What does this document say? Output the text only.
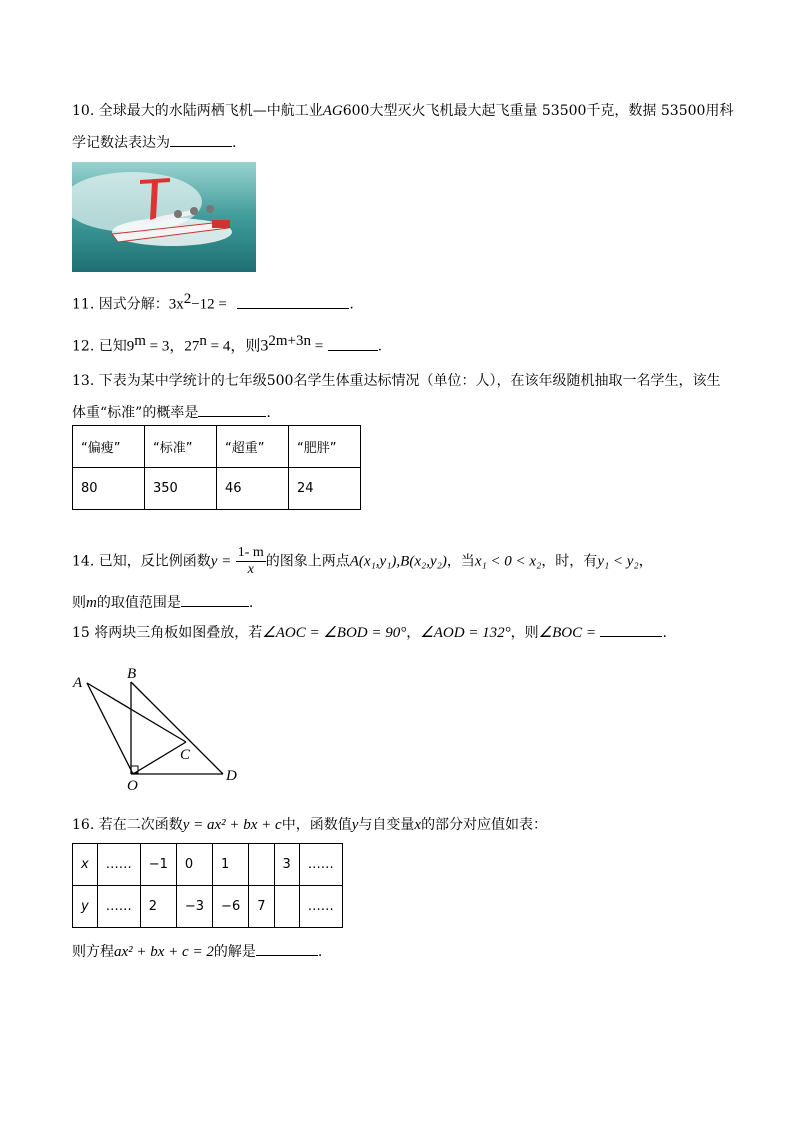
10. 全球最大的水陆两栖飞机—中航工业AG600大型灭火飞机最大起飞重量 53500千克，数据 53500用科
学记数法表达为	.
11. 因式分解：$3x^2-12$ =	.
12. 已知$9^m = 3$，$27^n = 4$，则$3^{2m+3n}$ =	.
13. 下表为某中学统计的七年级500名学生体重达标情况（单位：人），在该年级随机抽取一名学生，该生
体重“标准”的概率是	.
“偏瘦”	“标准”	“超重”	“肥胖”
80	350	46	24
14. 已知，反比例函数$y = \frac{1- m}{x}$ 的图象上两点A(x₁,y₁),B(x₂,y₂)，当x₁ < 0 < x₂，时，有y₁ < y₂，
则m的取值范围是	.
15 将两块三角板如图叠放，若∠AOC = ∠BOD = 90°，∠AOD = 132°，则∠BOC =	.
A
B
C
D
O
16. 若在二次函数y = ax² + bx + c中，函数值y与自变量x的部分对应值如表：
x	……	−1	0	1		3	……
y	……	2	−3	−6	7		……
则方程ax² + bx + c = 2的解是	.
